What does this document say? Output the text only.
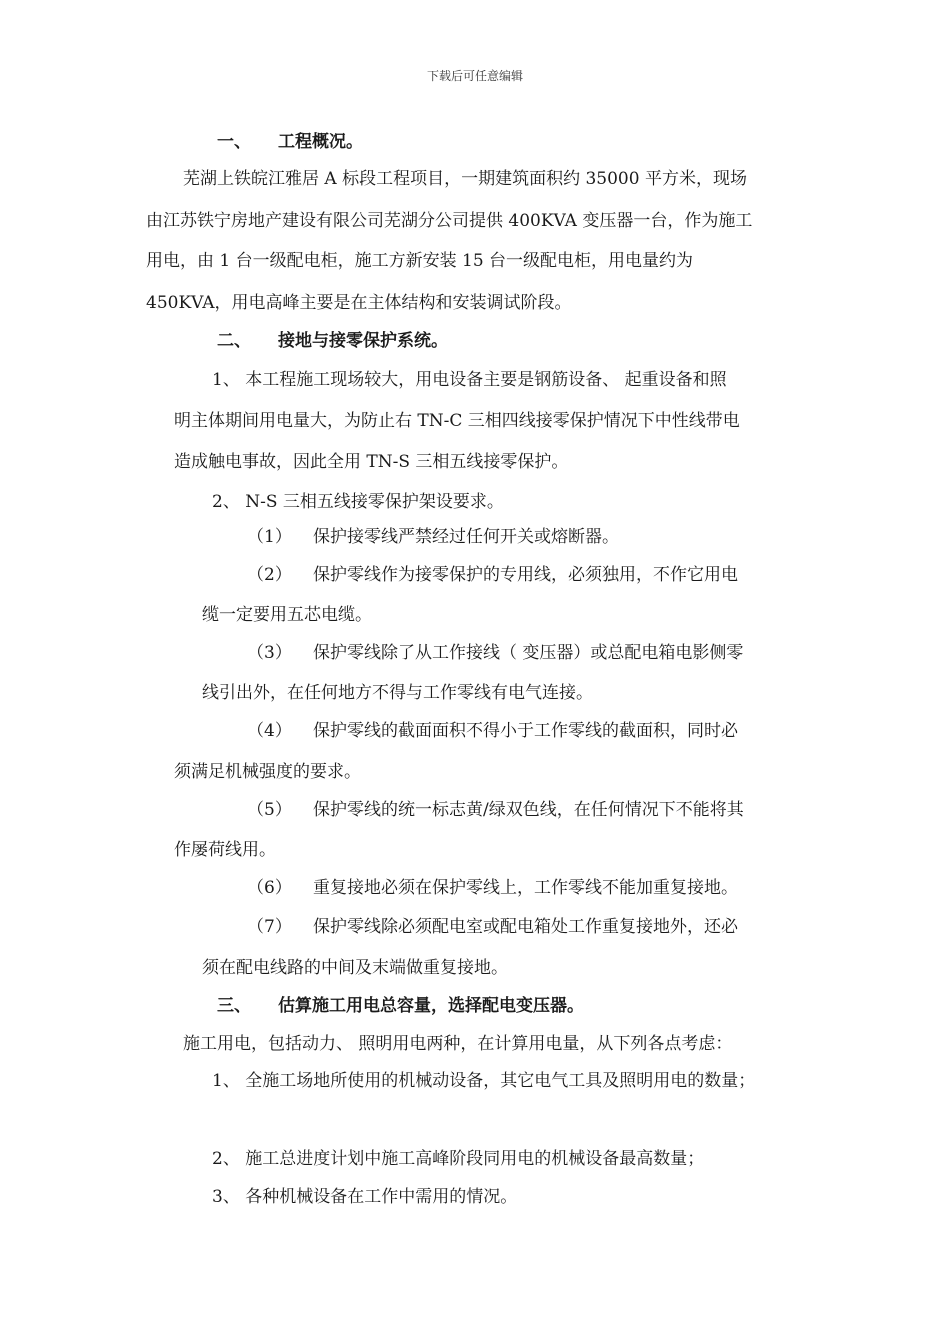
下载后可任意编辑
一、 工程概况。
芜湖上铁皖江雅居 A 标段工程项目，一期建筑面积约 35000 平方米，现场
由江苏铁宁房地产建设有限公司芜湖分公司提供 400KVA 变压器一台，作为施工
用电，由 1 台一级配电柜，施工方新安装 15 台一级配电柜，用电量约为
450KVA，用电高峰主要是在主体结构和安装调试阶段。
二、 接地与接零保护系统。
1、 本工程施工现场较大，用电设备主要是钢筋设备、 起重设备和照
明主体期间用电量大，为防止右 TN-C 三相四线接零保护情况下中性线带电
造成触电事故，因此全用 TN-S 三相五线接零保护。
2、 N-S 三相五线接零保护架设要求。
（1） 保护接零线严禁经过任何开关或熔断器。
（2） 保护零线作为接零保护的专用线，必须独用，不作它用电
缆一定要用五芯电缆。
（3） 保护零线除了从工作接线（ 变压器）或总配电箱电影侧零
线引出外，在任何地方不得与工作零线有电气连接。
（4） 保护零线的截面面积不得小于工作零线的截面积，同时必
须满足机械强度的要求。
（5） 保护零线的统一标志黄/绿双色线，在任何情况下不能将其
作屡荷线用。
（6） 重复接地必须在保护零线上，工作零线不能加重复接地。
（7） 保护零线除必须配电室或配电箱处工作重复接地外，还必
须在配电线路的中间及末端做重复接地。
三、 估算施工用电总容量，选择配电变压器。
施工用电，包括动力、 照明用电两种，在计算用电量，从下列各点考虑：
1、 全施工场地所使用的机械动设备，其它电气工具及照明用电的数量；
2、 施工总进度计划中施工高峰阶段同用电的机械设备最高数量；
3、 各种机械设备在工作中需用的情况。
